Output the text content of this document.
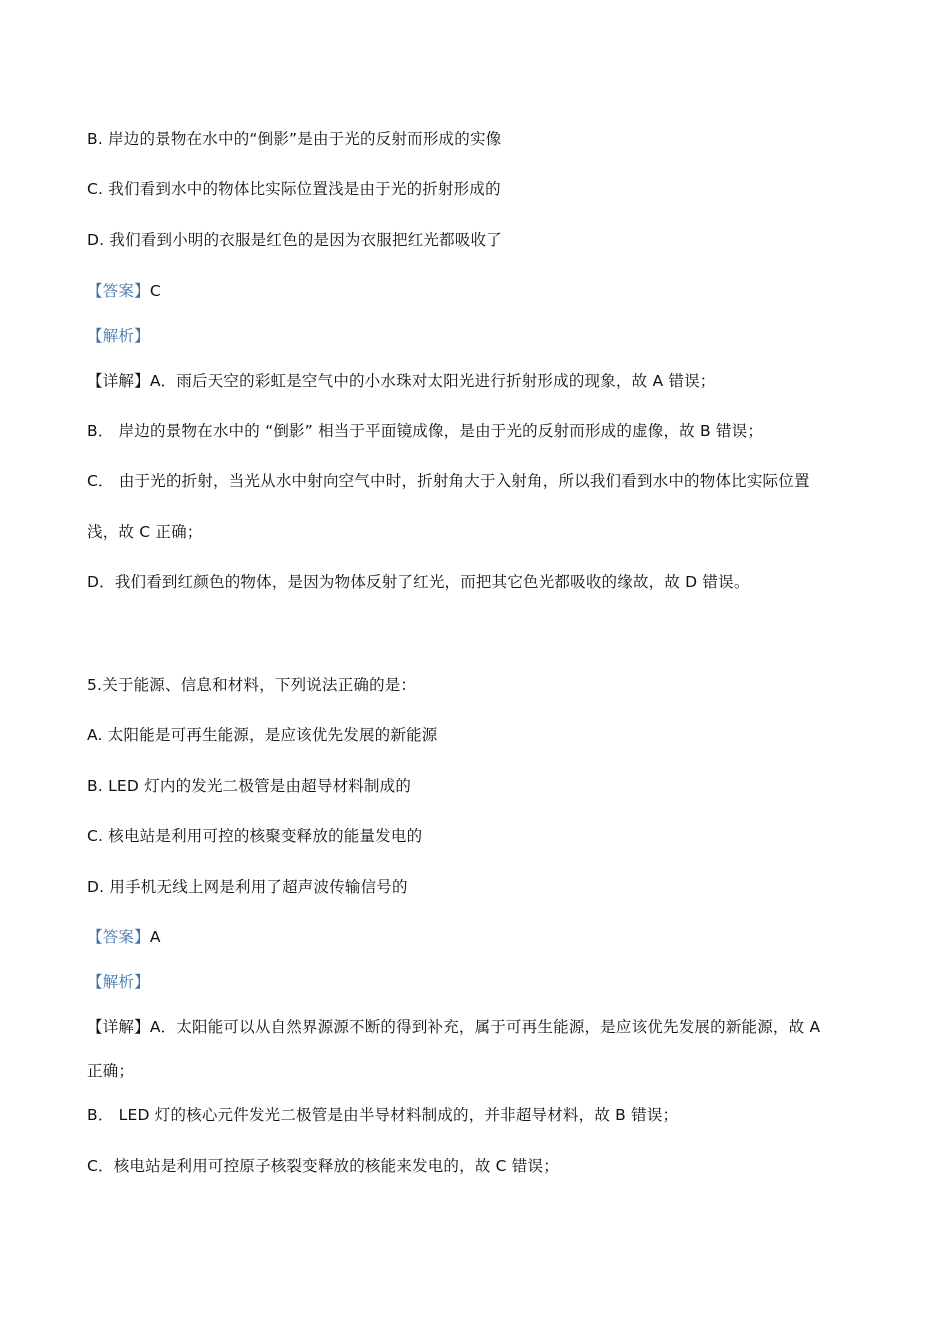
B. 岸边的景物在水中的“倒影”是由于光的反射而形成的实像
C. 我们看到水中的物体比实际位置浅是由于光的折射形成的
D. 我们看到小明的衣服是红色的是因为衣服把红光都吸收了
【答案】C
【解析】
【详解】A．雨后天空的彩虹是空气中的小水珠对太阳光进行折射形成的现象，故 A 错误；
B． 岸边的景物在水中的 “倒影” 相当于平面镜成像，是由于光的反射而形成的虚像，故 B 错误；
C． 由于光的折射，当光从水中射向空气中时，折射角大于入射角，所以我们看到水中的物体比实际位置
浅，故 C 正确；
D．我们看到红颜色的物体，是因为物体反射了红光，而把其它色光都吸收的缘故，故 D 错误。
5.关于能源、信息和材料，下列说法正确的是：
A. 太阳能是可再生能源，是应该优先发展的新能源
B. LED 灯内的发光二极管是由超导材料制成的
C. 核电站是利用可控的核聚变释放的能量发电的
D. 用手机无线上网是利用了超声波传输信号的
【答案】A
【解析】
【详解】A．太阳能可以从自然界源源不断的得到补充，属于可再生能源，是应该优先发展的新能源，故 A
正确；
B． LED 灯的核心元件发光二极管是由半导材料制成的，并非超导材料，故 B 错误；
C．核电站是利用可控原子核裂变释放的核能来发电的，故 C 错误；
